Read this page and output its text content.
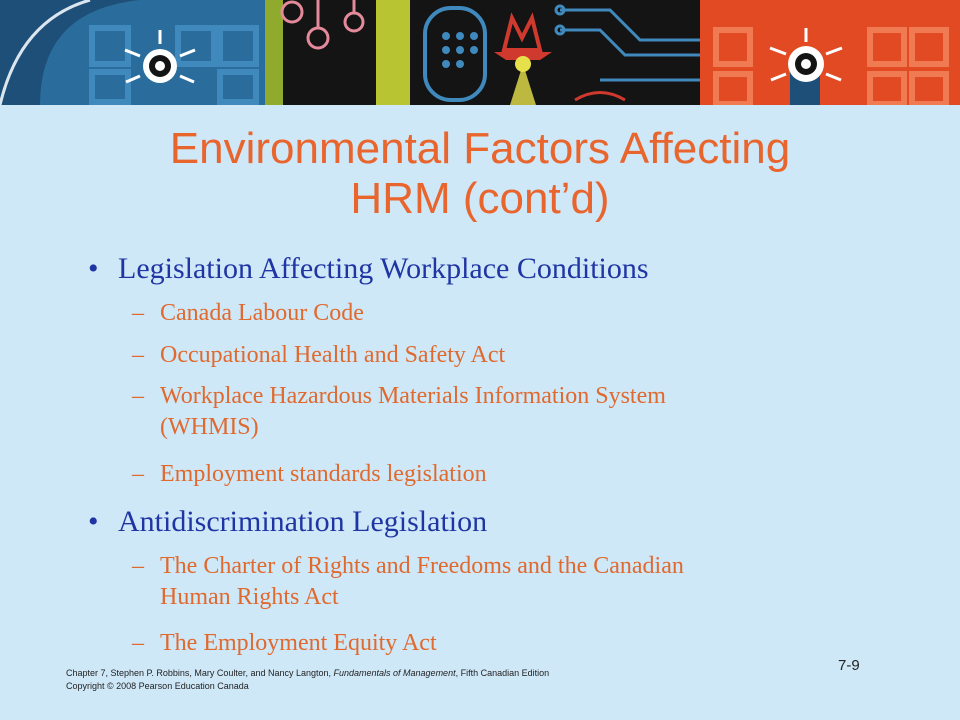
Environmental Factors Affecting
HRM (cont’d)
• Legislation Affecting Workplace Conditions
– Canada Labour Code
– Occupational Health and Safety Act
– Workplace Hazardous Materials Information System
(WHMIS)
– Employment standards legislation
• Antidiscrimination Legislation
– The Charter of Rights and Freedoms and the Canadian
Human Rights Act
– The Employment Equity Act
Chapter 7, Stephen P. Robbins, Mary Coulter, and Nancy Langton, Fundamentals of Management, Fifth Canadian Edition
Copyright © 2008 Pearson Education Canada
7-9
